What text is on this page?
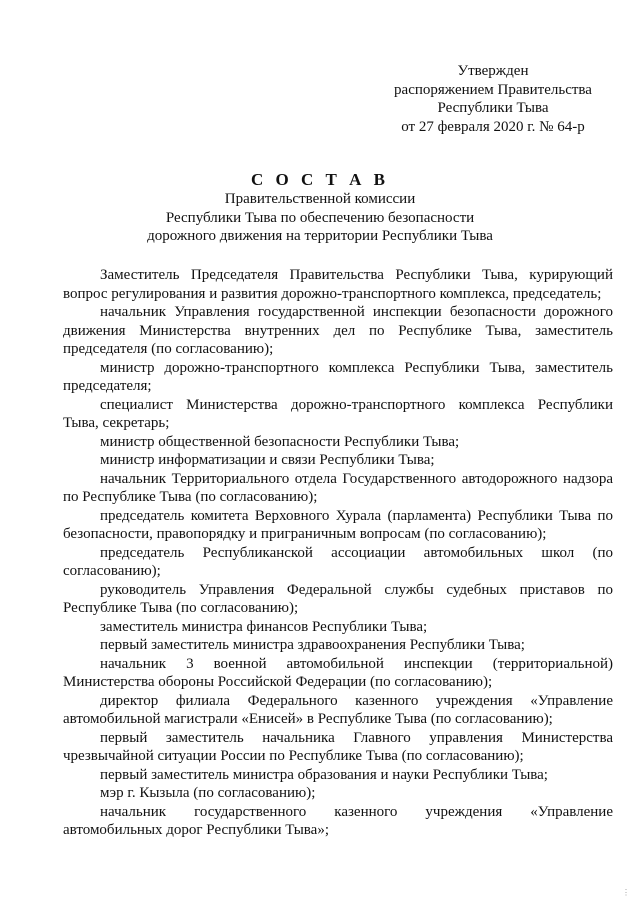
Утвержден
распоряжением Правительства
Республики Тыва
от 27 февраля 2020 г. № 64-р
С О С Т А В
Правительственной комиссии
Республики Тыва по обеспечению безопасности
дорожного движения на территории Республики Тыва

Заместитель Председателя Правительства Республики Тыва, курирующий вопрос регулирования и развития дорожно-транспортного комплекса, председатель;

начальник Управления государственной инспекции безопасности дорожного движения Министерства внутренних дел по Республике Тыва, заместитель председателя (по согласованию);

министр дорожно-транспортного комплекса Республики Тыва, заместитель председателя;

специалист Министерства дорожно-транспортного комплекса Республики Тыва, секретарь;

министр общественной безопасности Республики Тыва;

министр информатизации и связи Республики Тыва;

начальник Территориального отдела Государственного автодорожного надзора по Республике Тыва (по согласованию);

председатель комитета Верховного Хурала (парламента) Республики Тыва по безопасности, правопорядку и приграничным вопросам (по согласованию);

председатель Республиканской ассоциации автомобильных школ (по согласованию);

руководитель Управления Федеральной службы судебных приставов по Республике Тыва (по согласованию);

заместитель министра финансов Республики Тыва;

первый заместитель министра здравоохранения Республики Тыва;

начальник 3 военной автомобильной инспекции (территориальной) Министерства обороны Российской Федерации (по согласованию);

директор филиала Федерального казенного учреждения «Управление автомобильной магистрали «Енисей» в Республике Тыва (по согласованию);

первый заместитель начальника Главного управления Министерства чрезвычайной ситуации России по Республике Тыва (по согласованию);

первый заместитель министра образования и науки Республики Тыва;

мэр г. Кызыла (по согласованию);

начальник государственного казенного учреждения «Управление автомобильных дорог Республики Тыва»;

⋮
